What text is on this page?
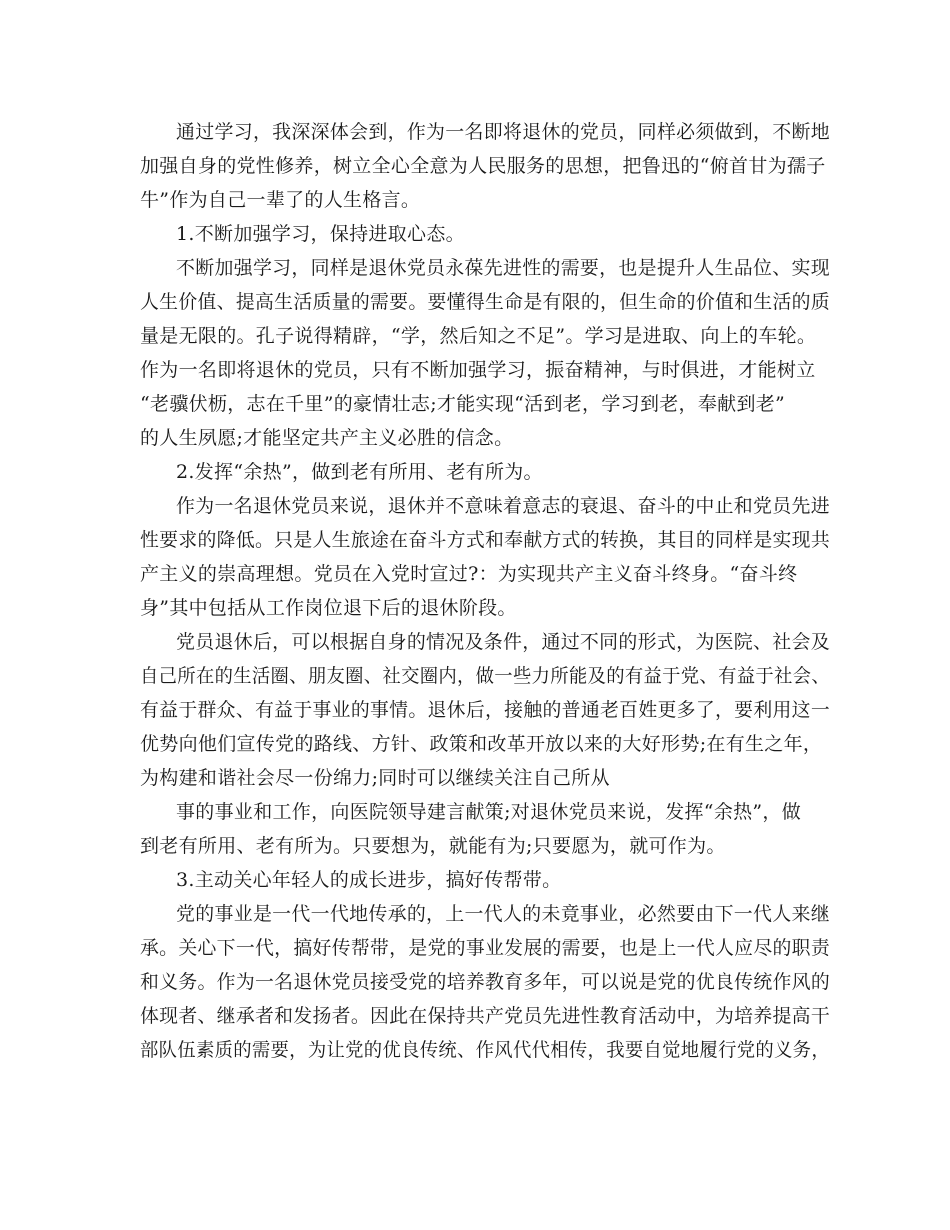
通过学习，我深深体会到，作为一名即将退休的党员，同样必须做到，不断地
加强自身的党性修养，树立全心全意为人民服务的思想，把鲁迅的“俯首甘为孺子
牛”作为自己一辈了的人生格言。
1.不断加强学习，保持进取心态。
不断加强学习，同样是退休党员永葆先进性的需要，也是提升人生品位、实现
人生价值、提高生活质量的需要。要懂得生命是有限的，但生命的价值和生活的质
量是无限的。孔子说得精辟，“学，然后知之不足”。学习是进取、向上的车轮。
作为一名即将退休的党员，只有不断加强学习，振奋精神，与时俱进，才能树立
“老骥伏枥，志在千里”的豪情壮志;才能实现“活到老，学习到老，奉献到老”
的人生夙愿;才能坚定共产主义必胜的信念。
2.发挥“余热”，做到老有所用、老有所为。
作为一名退休党员来说，退休并不意味着意志的衰退、奋斗的中止和党员先进
性要求的降低。只是人生旅途在奋斗方式和奉献方式的转换，其目的同样是实现共
产主义的崇高理想。党员在入党时宣过?：为实现共产主义奋斗终身。“奋斗终
身”其中包括从工作岗位退下后的退休阶段。
党员退休后，可以根据自身的情况及条件，通过不同的形式，为医院、社会及
自己所在的生活圈、朋友圈、社交圈内，做一些力所能及的有益于党、有益于社会、
有益于群众、有益于事业的事情。退休后，接触的普通老百姓更多了，要利用这一
优势向他们宣传党的路线、方针、政策和改革开放以来的大好形势;在有生之年，
为构建和谐社会尽一份绵力;同时可以继续关注自己所从
事的事业和工作，向医院领导建言献策;对退休党员来说，发挥“余热”，做
到老有所用、老有所为。只要想为，就能有为;只要愿为，就可作为。
3.主动关心年轻人的成长进步，搞好传帮带。
党的事业是一代一代地传承的，上一代人的未竟事业，必然要由下一代人来继
承。关心下一代，搞好传帮带，是党的事业发展的需要，也是上一代人应尽的职责
和义务。作为一名退休党员接受党的培养教育多年，可以说是党的优良传统作风的
体现者、继承者和发扬者。因此在保持共产党员先进性教育活动中，为培养提高干
部队伍素质的需要，为让党的优良传统、作风代代相传，我要自觉地履行党的义务，
